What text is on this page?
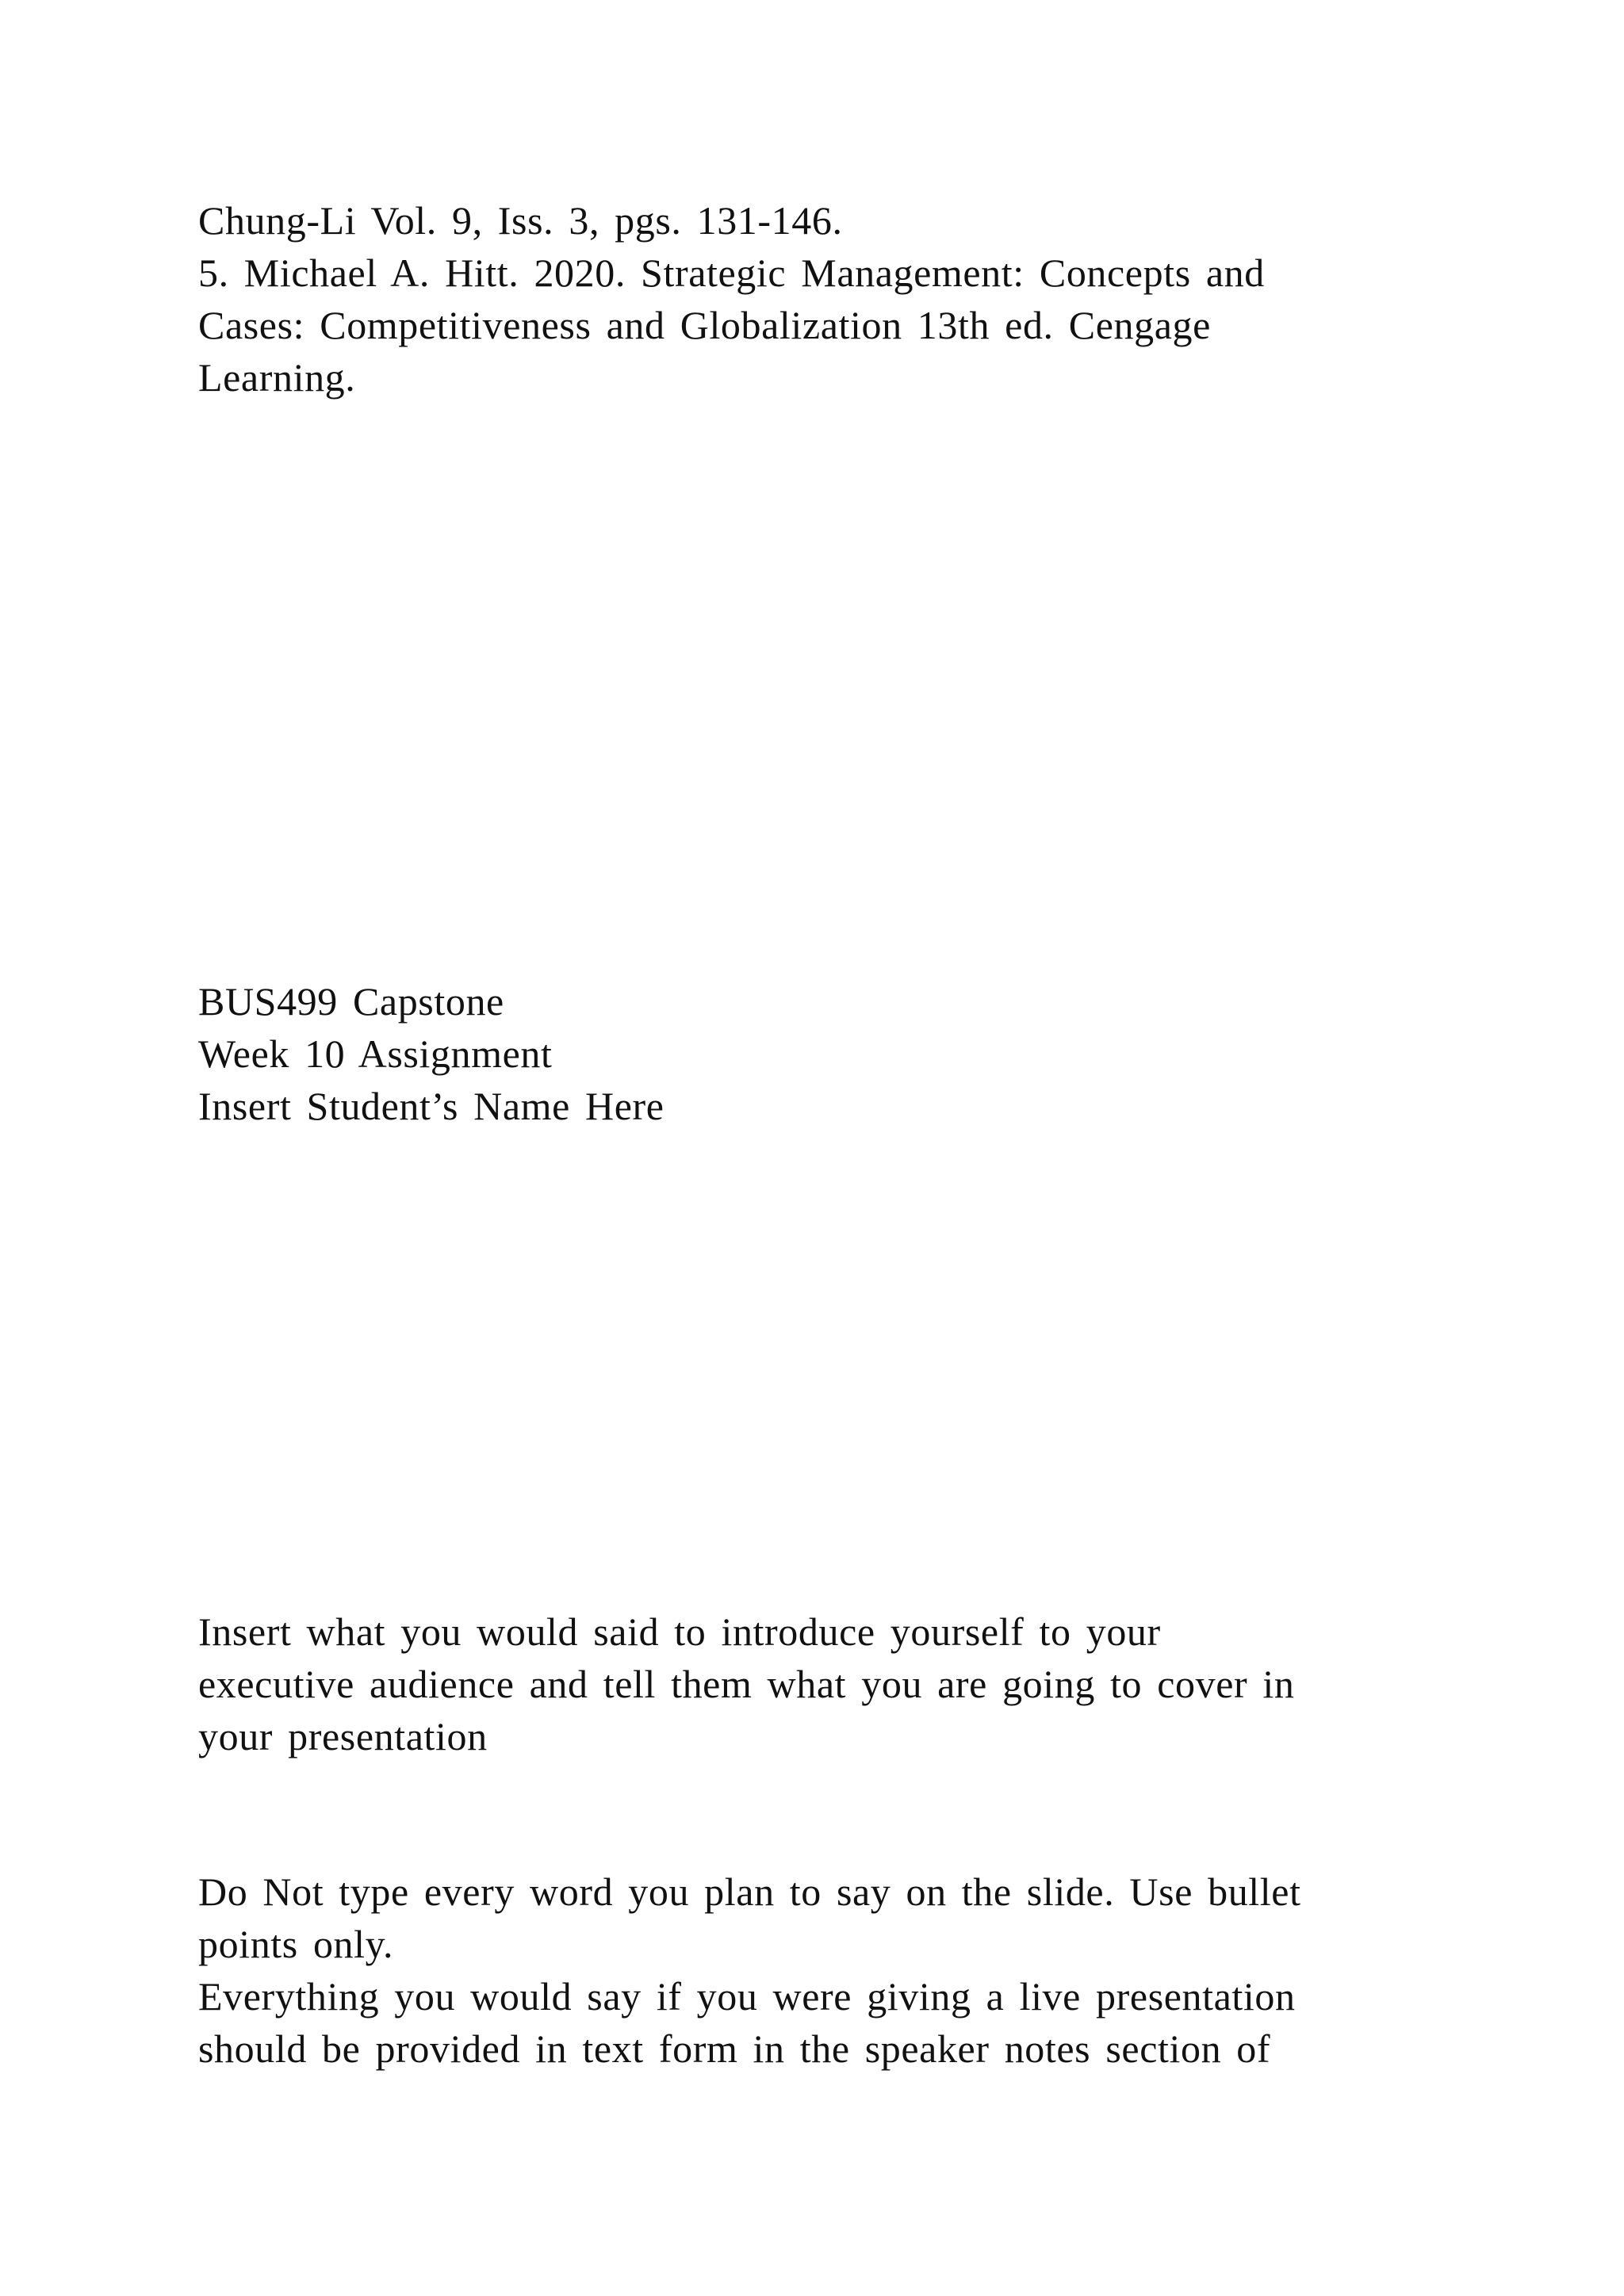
Chung-Li Vol. 9, Iss. 3, pgs. 131-146.
5. Michael A. Hitt. 2020. Strategic Management: Concepts and
Cases: Competitiveness and Globalization 13th ed. Cengage
Learning.
BUS499 Capstone
Week 10 Assignment
Insert Student’s Name Here
Insert what you would said to introduce yourself to your
executive audience and tell them what you are going to cover in
your presentation
Do Not type every word you plan to say on the slide. Use bullet
points only.
Everything you would say if you were giving a live presentation
should be provided in text form in the speaker notes section of
